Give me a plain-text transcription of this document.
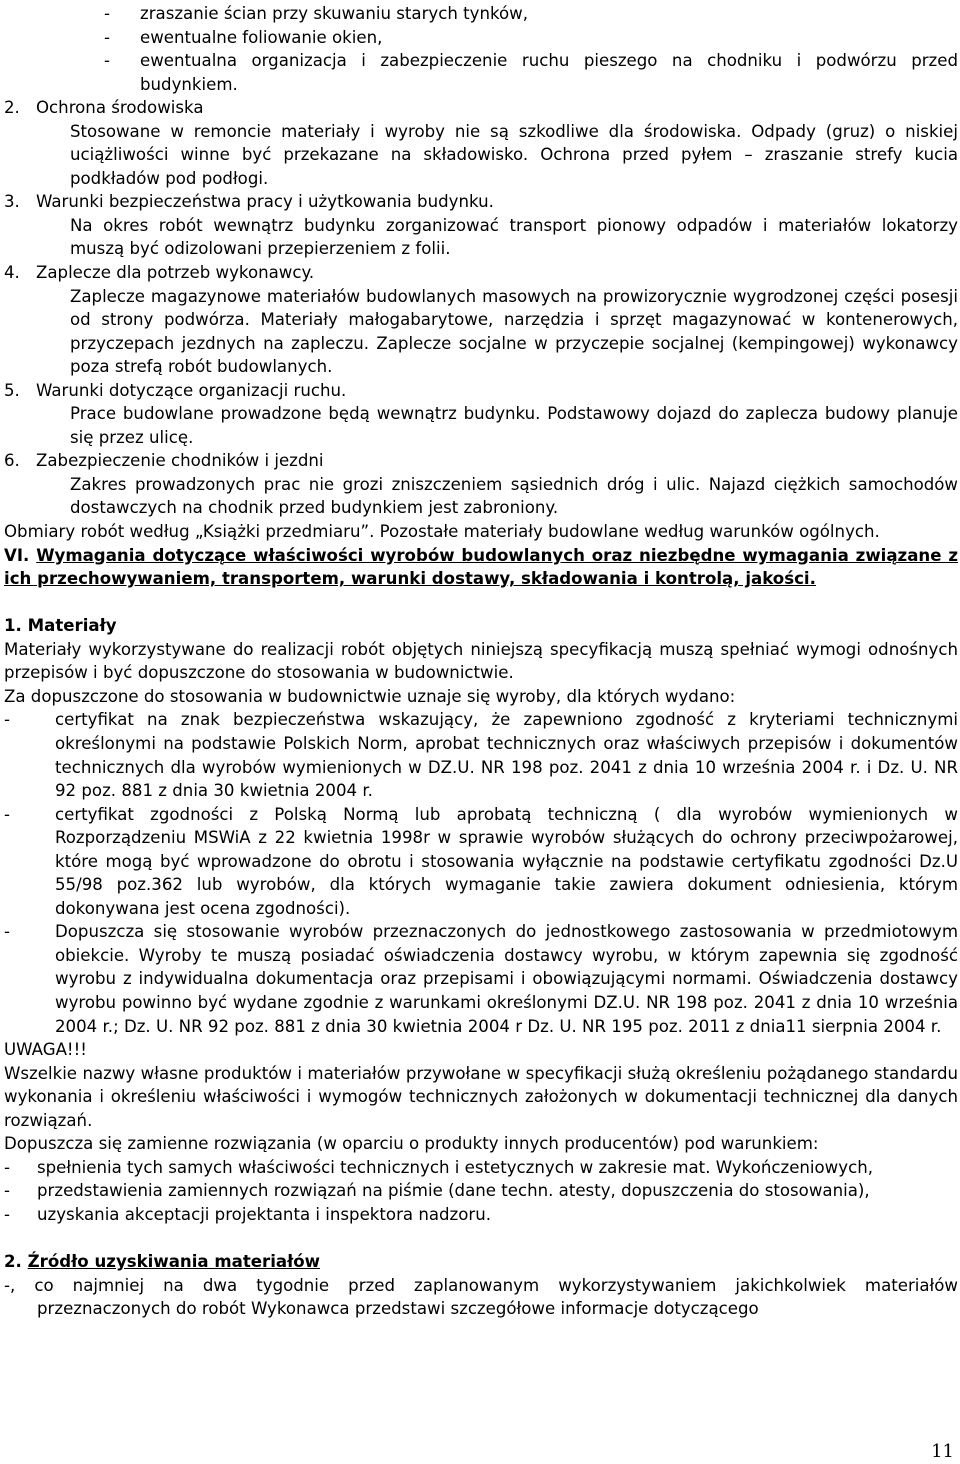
-	zraszanie ścian przy skuwaniu starych tynków,
-	ewentualne foliowanie okien,
-	ewentualna organizacja i zabezpieczenie ruchu pieszego na chodniku i podwórzu przed budynkiem.
2. Ochrona środowiska
Stosowane w remoncie materiały i wyroby nie są szkodliwe dla środowiska. Odpady (gruz) o niskiej uciążliwości winne być przekazane na składowisko. Ochrona przed pyłem – zraszanie strefy kucia podkładów pod podłogi.
3. Warunki bezpieczeństwa pracy i użytkowania budynku.
Na okres robót wewnątrz budynku zorganizować transport pionowy odpadów i materiałów lokatorzy muszą być odizolowani przepierzeniem z folii.
4. Zaplecze dla potrzeb wykonawcy.
Zaplecze magazynowe materiałów budowlanych masowych na prowizorycznie wygrodzonej części posesji od strony podwórza. Materiały małogabarytowe, narzędzia i sprzęt magazynować w kontenerowych, przyczepach jezdnych na zapleczu. Zaplecze socjalne w przyczepie socjalnej (kempingowej) wykonawcy poza strefą robót budowlanych.
5. Warunki dotyczące organizacji ruchu.
Prace budowlane prowadzone będą wewnątrz budynku. Podstawowy dojazd do zaplecza budowy planuje się przez ulicę.
6. Zabezpieczenie chodników i jezdni
Zakres prowadzonych prac nie grozi zniszczeniem sąsiednich dróg i ulic. Najazd ciężkich samochodów dostawczych na chodnik przed budynkiem jest zabroniony.

Obmiary robót według „Książki przedmiaru”. Pozostałe materiały budowlane według warunków ogólnych.

VI. Wymagania dotyczące właściwości wyrobów budowlanych oraz niezbędne wymagania związane z ich przechowywaniem, transportem, warunki dostawy, składowania i kontrolą, jakości.

1. Materiały

Materiały wykorzystywane do realizacji robót objętych niniejszą specyfikacją muszą spełniać wymogi odnośnych przepisów i być dopuszczone do stosowania w budownictwie.

Za dopuszczone do stosowania w budownictwie uznaje się wyroby, dla których wydano:

-	certyfikat na znak bezpieczeństwa wskazujący, że zapewniono zgodność z kryteriami technicznymi określonymi na podstawie Polskich Norm, aprobat technicznych oraz właściwych przepisów i dokumentów technicznych dla wyrobów wymienionych w DZ.U. NR 198 poz. 2041 z dnia 10 września 2004 r. i Dz. U. NR 92 poz. 881 z dnia 30 kwietnia 2004 r.
-	certyfikat zgodności z Polską Normą lub aprobatą techniczną ( dla wyrobów wymienionych w Rozporządzeniu MSWiA z 22 kwietnia 1998r w sprawie wyrobów służących do ochrony przeciwpożarowej, które mogą być wprowadzone do obrotu i stosowania wyłącznie na podstawie certyfikatu zgodności Dz.U 55/98 poz.362 lub wyrobów, dla których wymaganie takie zawiera dokument odniesienia, którym dokonywana jest ocena zgodności).
-	Dopuszcza się stosowanie wyrobów przeznaczonych do jednostkowego zastosowania w przedmiotowym obiekcie. Wyroby te muszą posiadać oświadczenia dostawcy wyrobu, w którym zapewnia się zgodność wyrobu z indywidualna dokumentacja oraz przepisami i obowiązującymi normami. Oświadczenia dostawcy wyrobu powinno być wydane zgodnie z warunkami określonymi DZ.U. NR 198 poz. 2041 z dnia 10 września 2004 r.; Dz. U. NR 92 poz. 881 z dnia 30 kwietnia 2004 r Dz. U. NR 195 poz. 2011 z dnia11 sierpnia 2004 r.

UWAGA!!!

Wszelkie nazwy własne produktów i materiałów przywołane w specyfikacji służą określeniu pożądanego standardu wykonania i określeniu właściwości i wymogów technicznych założonych w dokumentacji technicznej dla danych rozwiązań.

Dopuszcza się zamienne rozwiązania (w oparciu o produkty innych producentów) pod warunkiem:

-	spełnienia tych samych właściwości technicznych i estetycznych w zakresie mat. Wykończeniowych,
-	przedstawienia zamiennych rozwiązań na piśmie (dane techn. atesty, dopuszczenia do stosowania),
-	uzyskania akceptacji projektanta i inspektora nadzoru.

2. Źródło uzyskiwania materiałów

-, co najmniej na dwa tygodnie przed zaplanowanym wykorzystywaniem jakichkolwiek materiałów przeznaczonych do robót Wykonawca przedstawi szczegółowe informacje dotyczącego

11
